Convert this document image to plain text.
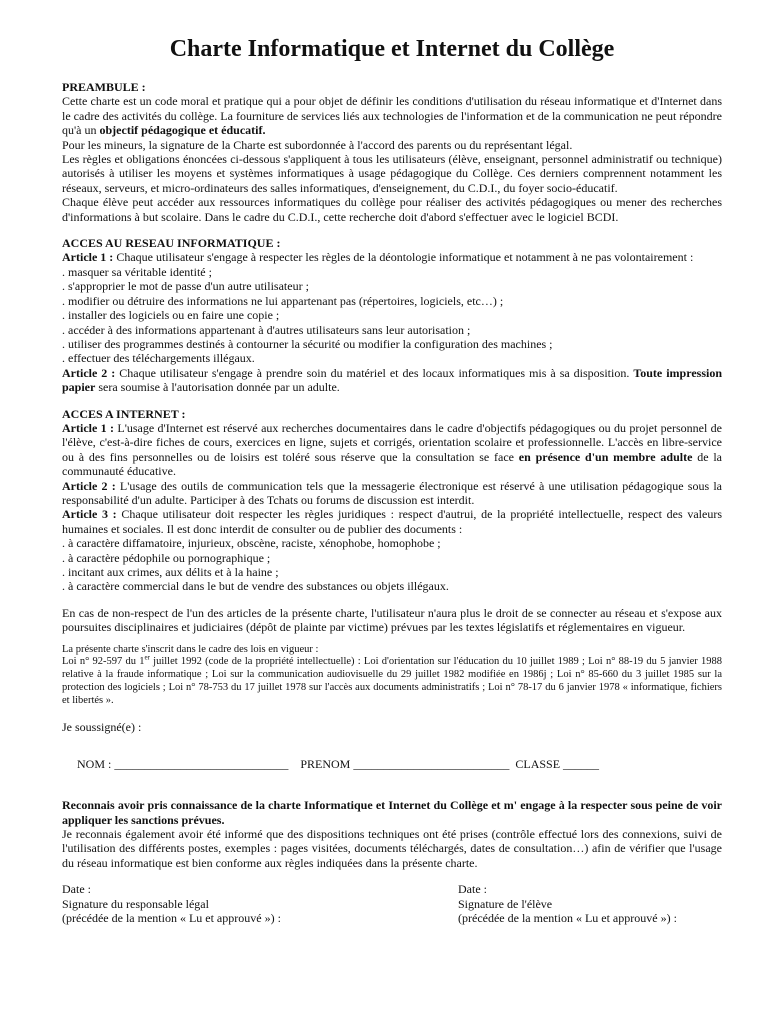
Charte Informatique et Internet du Collège
PREAMBULE :

Cette charte est un code moral et pratique qui a pour objet de définir les conditions d'utilisation du réseau informatique et d'Internet dans le cadre des activités du collège. La fourniture de services liés aux technologies de l'information et de la communication ne peut répondre qu'à un objectif pédagogique et éducatif.

Pour les mineurs, la signature de la Charte est subordonnée à l'accord des parents ou du représentant légal.

Les règles et obligations énoncées ci-dessous s'appliquent à tous les utilisateurs (élève, enseignant, personnel administratif ou technique) autorisés à utiliser les moyens et systèmes informatiques à usage pédagogique du Collège. Ces derniers comprennent notamment les réseaux, serveurs, et micro-ordinateurs des salles informatiques, d'enseignement, du C.D.I., du foyer socio-éducatif.

Chaque élève peut accéder aux ressources informatiques du collège pour réaliser des activités pédagogiques ou mener des recherches d'informations à but scolaire. Dans le cadre du C.D.I., cette recherche doit d'abord s'effectuer avec le logiciel BCDI.

ACCES AU RESEAU INFORMATIQUE :

Article 1 : Chaque utilisateur s'engage à respecter les règles de la déontologie informatique et notamment à ne pas volontairement :

. masquer sa véritable identité ;

. s'approprier le mot de passe d'un autre utilisateur ;

. modifier ou détruire des informations ne lui appartenant pas (répertoires, logiciels, etc…) ;

. installer des logiciels ou en faire une copie ;

. accéder à des informations appartenant à d'autres utilisateurs sans leur autorisation ;

. utiliser des programmes destinés à contourner la sécurité ou modifier la configuration des machines ;

. effectuer des téléchargements illégaux.

Article 2 : Chaque utilisateur s'engage à prendre soin du matériel et des locaux informatiques mis à sa disposition. Toute impression papier sera soumise à l'autorisation donnée par un adulte.

ACCES A INTERNET :

Article 1 : L'usage d'Internet est réservé aux recherches documentaires dans le cadre d'objectifs pédagogiques ou du projet personnel de l'élève, c'est-à-dire fiches de cours, exercices en ligne, sujets et corrigés, orientation scolaire et professionnelle. L'accès en libre-service ou à des fins personnelles ou de loisirs est toléré sous réserve que la consultation se face en présence d'un membre adulte de la communauté éducative.

Article 2 : L'usage des outils de communication tels que la messagerie électronique est réservé à une utilisation pédagogique sous la responsabilité d'un adulte. Participer à des Tchats ou forums de discussion est interdit.

Article 3 : Chaque utilisateur doit respecter les règles juridiques : respect d'autrui, de la propriété intellectuelle, respect des valeurs humaines et sociales. Il est donc interdit de consulter ou de publier des documents :

. à caractère diffamatoire, injurieux, obscène, raciste, xénophobe, homophobe ;

. à caractère pédophile ou pornographique ;

. incitant aux crimes, aux délits et à la haine ;

. à caractère commercial dans le but de vendre des substances ou objets illégaux.

En cas de non-respect de l'un des articles de la présente charte, l'utilisateur n'aura plus le droit de se connecter au réseau et s'expose aux poursuites disciplinaires et judiciaires (dépôt de plainte par victime) prévues par les textes législatifs et réglementaires en vigueur.

La présente charte s'inscrit dans le cadre des lois en vigueur :

Loi n° 92-597 du 1er juillet 1992 (code de la propriété intellectuelle) : Loi d'orientation sur l'éducation du 10 juillet 1989 ; Loi n° 88-19 du 5 janvier 1988 relative à la fraude informatique ; Loi sur la communication audiovisuelle du 29 juillet 1982 modifiée en 1986j ; Loi n° 85-660 du 3 juillet 1985 sur la protection des logiciels ; Loi n° 78-753 du 17 juillet 1978 sur l'accès aux documents administratifs ; Loi n° 78-17 du 6 janvier 1978 « informatique, fichiers et libertés ».

Je soussigné(e) :

NOM : _____________________________ PRENOM __________________________ CLASSE ______

Reconnais avoir pris connaissance de la charte Informatique et Internet du Collège et m' engage à la respecter sous peine de voir appliquer les sanctions prévues.

Je reconnais également avoir été informé que des dispositions techniques ont été prises (contrôle effectué lors des connexions, suivi de l'utilisation des différents postes, exemples : pages visitées, documents téléchargés, dates de consultation…) afin de vérifier que l'usage du réseau informatique est bien conforme aux règles indiquées dans la présente charte.

Date :
Signature du responsable légal
(précédée de la mention « Lu et approuvé ») :
Date :
Signature de l'élève
(précédée de la mention « Lu et approuvé ») :
